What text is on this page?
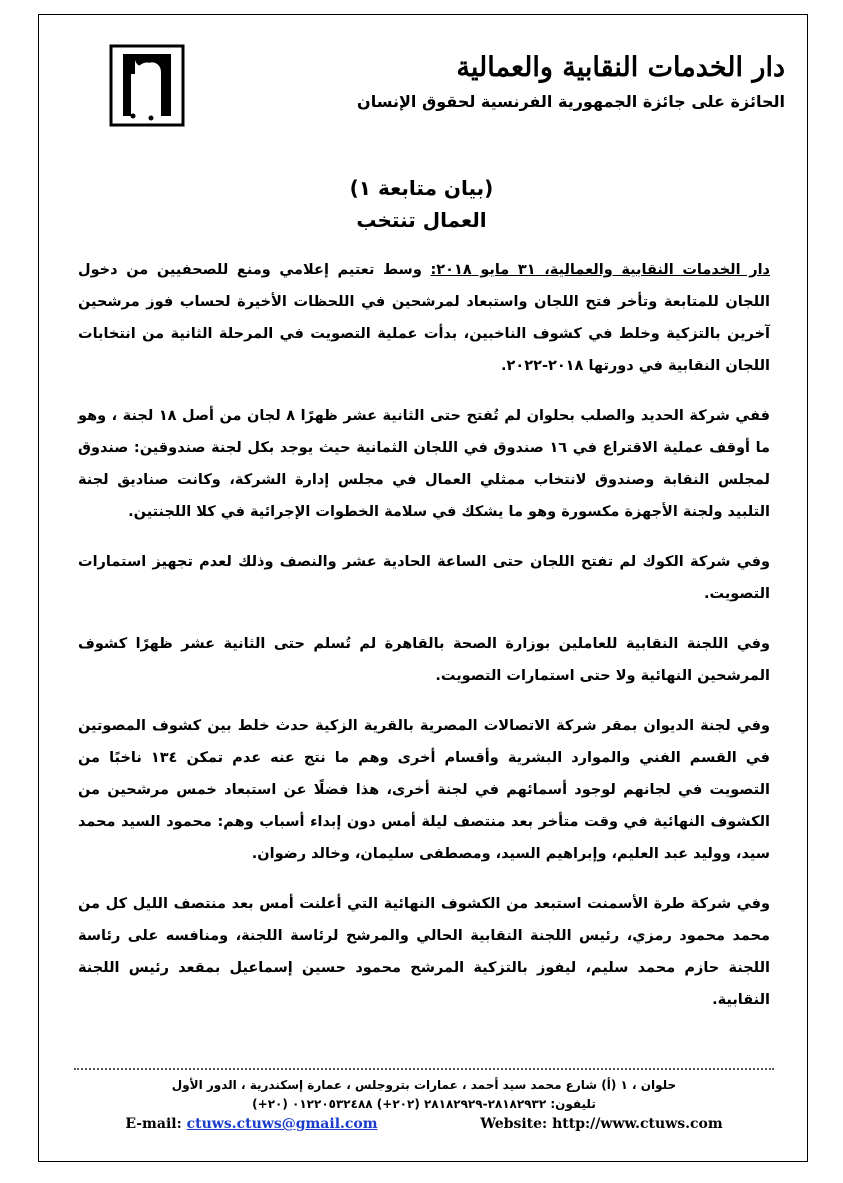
دار الخدمات النقابية والعمالية
الحائزة على جائزة الجمهورية الفرنسية لحقوق الإنسان
(بيان متابعة ١)
العمال تنتخب

دار الخدمات النقابية والعمالية، ٣١ مايو ٢٠١٨: وسط تعتيم إعلامي ومنع للصحفيين من دخول اللجان للمتابعة وتأخر فتح اللجان واستبعاد لمرشحين في اللحظات الأخيرة لحساب فوز مرشحين آخرين بالتزكية وخلط في كشوف الناخبين، بدأت عملية التصويت في المرحلة الثانية من انتخابات اللجان النقابية في دورتها ٢٠١٨-٢٠٢٢.

ففي شركة الحديد والصلب بحلوان لم تُفتح حتى الثانية عشر ظهرًا ٨ لجان من أصل ١٨ لجنة ، وهو ما أوقف عملية الاقتراع في ١٦ صندوق في اللجان الثمانية حيث يوجد بكل لجنة صندوقين: صندوق لمجلس النقابة وصندوق لانتخاب ممثلي العمال في مجلس إدارة الشركة، وكانت صناديق لجنة التلبيد ولجنة الأجهزة مكسورة وهو ما يشكك في سلامة الخطوات الإجرائية في كلا اللجنتين.

وفي شركة الكوك لم تفتح اللجان حتى الساعة الحادية عشر والنصف وذلك لعدم تجهيز استمارات التصويت.

وفي اللجنة النقابية للعاملين بوزارة الصحة بالقاهرة لم تُسلم حتى الثانية عشر ظهرًا كشوف المرشحين النهائية ولا حتى استمارات التصويت.

وفي لجنة الديوان بمقر شركة الاتصالات المصرية بالقرية الزكية حدث خلط بين كشوف المصوتين في القسم الفني والموارد البشرية وأقسام أخرى وهم ما نتج عنه عدم تمكن ١٣٤ ناخبًا من التصويت في لجانهم لوجود أسمائهم في لجنة أخرى، هذا فضلًا عن استبعاد خمس مرشحين من الكشوف النهائية في وقت متأخر بعد منتصف ليلة أمس دون إبداء أسباب وهم: محمود السيد محمد سيد، ووليد عبد العليم، وإبراهيم السيد، ومصطفى سليمان، وخالد رضوان.

وفي شركة طرة الأسمنت استبعد من الكشوف النهائية التي أعلنت أمس بعد منتصف الليل كل من محمد محمود رمزي، رئيس اللجنة النقابية الحالي والمرشح لرئاسة اللجنة، ومنافسه على رئاسة اللجنة حازم محمد سليم، ليفوز بالتزكية المرشح محمود حسين إسماعيل بمقعد رئيس اللجنة النقابية.

حلوان ، ١ (أ) شارع محمد سيد أحمد ، عمارات بتروجلس ، عمارة إسكندرية ، الدور الأول
تليفون: ٢٨١٨٢٩٣٢-٢٨١٨٢٩٢٩ (٢٠٢+) ٠١٢٢٠٥٣٢٤٨٨ (٢٠+)
E-mail: ctuws.ctuws@gmail.com	Website: http://www.ctuws.com
